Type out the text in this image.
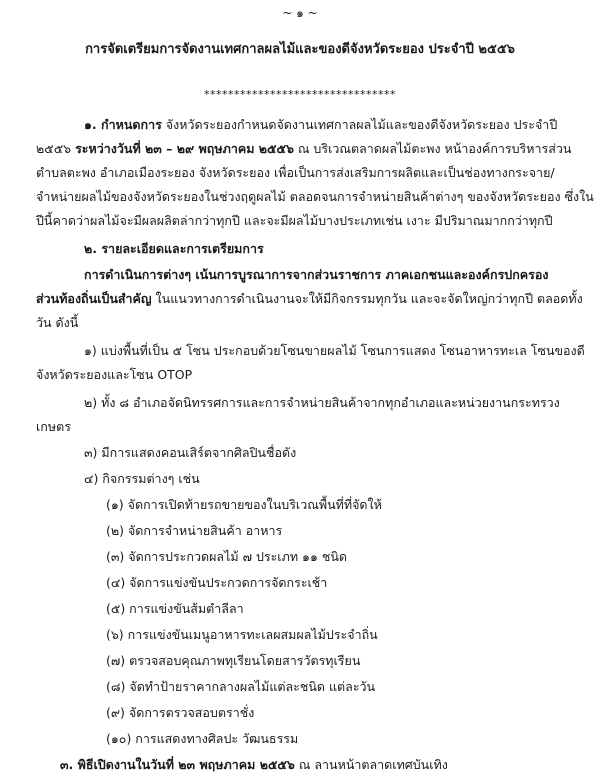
~ ๑ ~
การจัดเตรียมการจัดงานเทศกาลผลไม้และของดีจังหวัดระยอง ประจำปี ๒๕๕๖
********************************
๑. กำหนดการ จังหวัดระยองกำหนดจัดงานเทศกาลผลไม้และของดีจังหวัดระยอง ประจำปี
๒๕๕๖ ระหว่างวันที่ ๒๓ – ๒๙ พฤษภาคม ๒๕๕๖ ณ บริเวณตลาดผลไม้ตะพง หน้าองค์การบริหารส่วน
ตำบลตะพง อำเภอเมืองระยอง จังหวัดระยอง เพื่อเป็นการส่งเสริมการผลิตและเป็นช่องทางกระจาย/
จำหน่ายผลไม้ของจังหวัดระยองในช่วงฤดูผลไม้ ตลอดจนการจำหน่ายสินค้าต่างๆ ของจังหวัดระยอง ซึ่งใน
ปีนี้คาดว่าผลไม้จะมีผลผลิตล่ากว่าทุกปี และจะมีผลไม้บางประเภทเช่น เงาะ มีปริมาณมากกว่าทุกปี
๒. รายละเอียดและการเตรียมการ
การดำเนินการต่างๆ เน้นการบูรณาการจากส่วนราชการ ภาคเอกชนและองค์กรปกครอง
ส่วนท้องถิ่นเป็นสำคัญ ในแนวทางการดำเนินงานจะให้มีกิจกรรมทุกวัน และจะจัดใหญ่กว่าทุกปี ตลอดทั้ง
วัน ดังนี้
๑) แบ่งพื้นที่เป็น ๕ โซน ประกอบด้วยโซนขายผลไม้ โซนการแสดง โซนอาหารทะเล โซนของดี
จังหวัดระยองและโซน OTOP
๒) ทั้ง ๘ อำเภอจัดนิทรรศการและการจำหน่ายสินค้าจากทุกอำเภอและหน่วยงานกระทรวง
เกษตร
๓) มีการแสดงคอนเสิร์ตจากศิลปินชื่อดัง
๔) กิจกรรมต่างๆ เช่น
(๑) จัดการเปิดท้ายรถขายของในบริเวณพื้นที่ที่จัดให้
(๒) จัดการจำหน่ายสินค้า อาหาร
(๓) จัดการประกวดผลไม้ ๗ ประเภท ๑๑ ชนิด
(๔) จัดการแข่งขันประกวดการจัดกระเช้า
(๕) การแข่งขันส้มตำลีลา
(๖) การแข่งขันเมนูอาหารทะเลผสมผลไม้ประจำถิ่น
(๗) ตรวจสอบคุณภาพทุเรียนโดยสารวัตรทุเรียน
(๘) จัดทำป้ายราคากลางผลไม้แต่ละชนิด แต่ละวัน
(๙) จัดการตรวจสอบตราชั่ง
(๑๐) การแสดงทางศิลปะ วัฒนธรรม
๓. พิธีเปิดงานในวันที่ ๒๓ พฤษภาคม ๒๕๕๖ ณ ลานหน้าตลาดเทศบันเทิง
